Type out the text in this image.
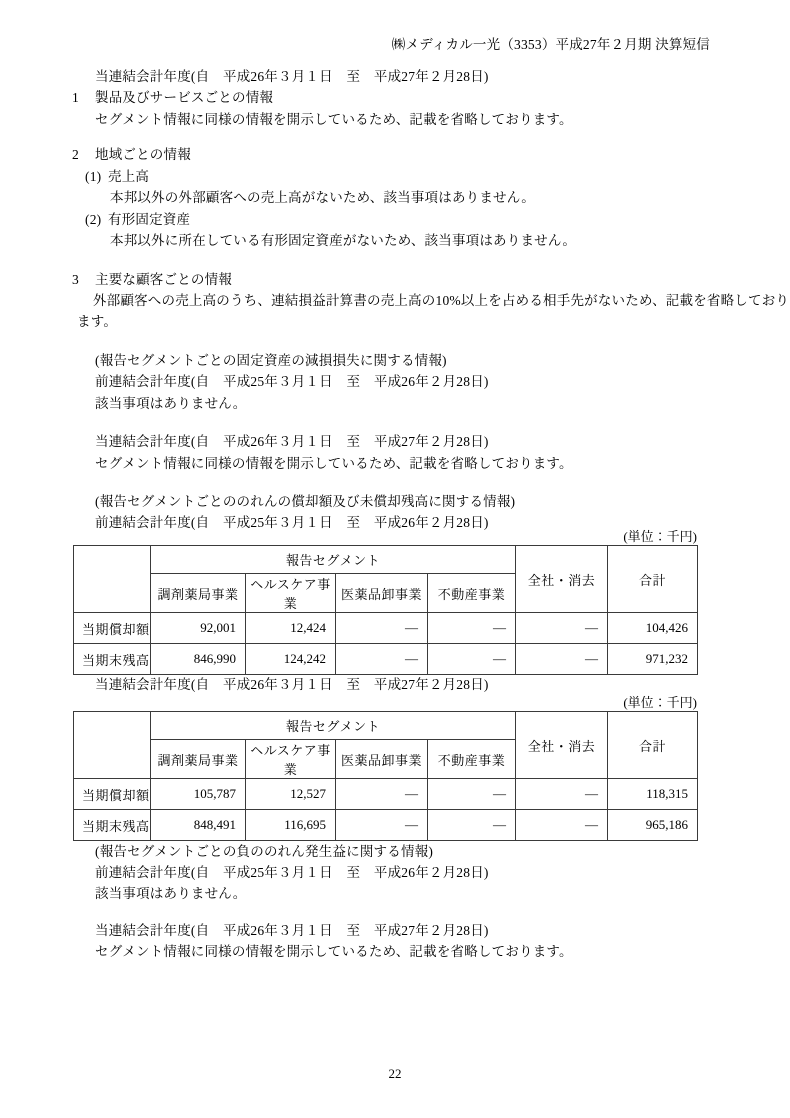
㈱メディカル一光（3353）平成27年２月期 決算短信
当連結会計年度(自　平成26年３月１日　至　平成27年２月28日)
1	製品及びサービスごとの情報
セグメント情報に同様の情報を開示しているため、記載を省略しております。
2	地域ごとの情報
(1) 売上高
本邦以外の外部顧客への売上高がないため、該当事項はありません。
(2) 有形固定資産
本邦以外に所在している有形固定資産がないため、該当事項はありません。
3	主要な顧客ごとの情報
外部顧客への売上高のうち、連結損益計算書の売上高の10%以上を占める相手先がないため、記載を省略しており
ます。
(報告セグメントごとの固定資産の減損損失に関する情報)
前連結会計年度(自　平成25年３月１日　至　平成26年２月28日)
該当事項はありません。
当連結会計年度(自　平成26年３月１日　至　平成27年２月28日)
セグメント情報に同様の情報を開示しているため、記載を省略しております。
(報告セグメントごとののれんの償却額及び未償却残高に関する情報)
前連結会計年度(自　平成25年３月１日　至　平成26年２月28日)
(単位：千円)
	報告セグメント				全社・消去	合計
	調剤薬局事業	ヘルスケア事業	医薬品卸事業	不動産事業		
当期償却額	92,001	12,424	―	―	―	104,426
当期末残高	846,990	124,242	―	―	―	971,232
当連結会計年度(自　平成26年３月１日　至　平成27年２月28日)
(単位：千円)
	報告セグメント				全社・消去	合計
	調剤薬局事業	ヘルスケア事業	医薬品卸事業	不動産事業		
当期償却額	105,787	12,527	―	―	―	118,315
当期末残高	848,491	116,695	―	―	―	965,186
(報告セグメントごとの負ののれん発生益に関する情報)
前連結会計年度(自　平成25年３月１日　至　平成26年２月28日)
該当事項はありません。
当連結会計年度(自　平成26年３月１日　至　平成27年２月28日)
セグメント情報に同様の情報を開示しているため、記載を省略しております。
22
